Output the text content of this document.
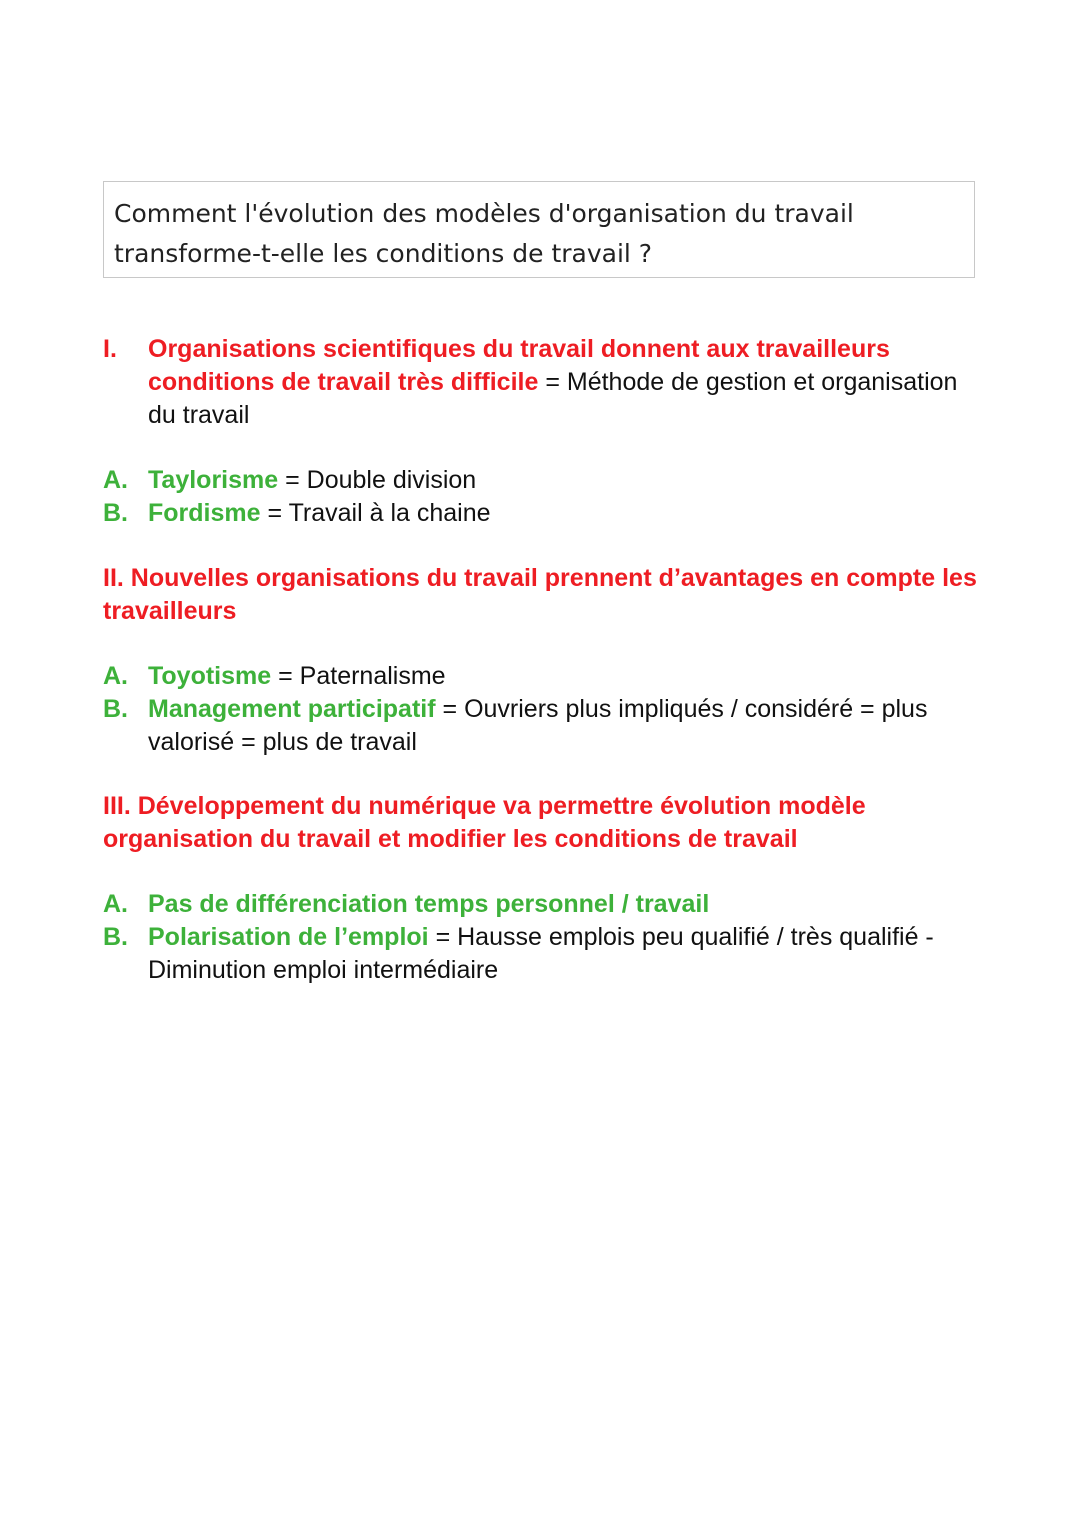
Comment l'évolution des modèles d'organisation du travail transforme-t-elle les conditions de travail ?
I. Organisations scientifiques du travail donnent aux travailleurs conditions de travail très difficile = Méthode de gestion et organisation du travail
A. Taylorisme = Double division
B. Fordisme = Travail à la chaine
II. Nouvelles organisations du travail prennent d’avantages en compte les travailleurs
A. Toyotisme = Paternalisme
B. Management participatif = Ouvriers plus impliqués / considéré = plus valorisé = plus de travail
III. Développement du numérique va permettre évolution modèle organisation du travail et modifier les conditions de travail
A. Pas de différenciation temps personnel / travail
B. Polarisation de l’emploi = Hausse emplois peu qualifié / très qualifié - Diminution emploi intermédiaire
